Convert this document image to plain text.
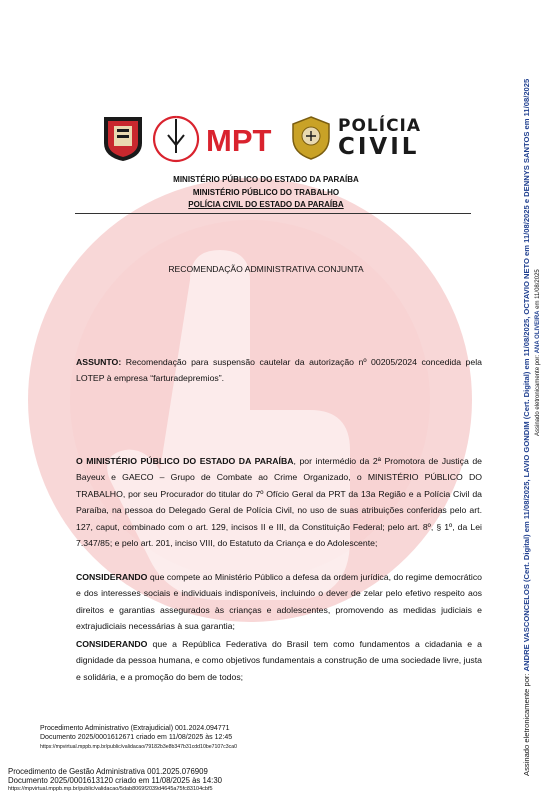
MPT	POLÍCIA
CIVIL
MINISTÉRIO PÚBLICO DO ESTADO DA PARAÍBA
MINISTÉRIO PÚBLICO DO TRABALHO
POLÍCIA CIVIL DO ESTADO DA PARAÍBA
RECOMENDAÇÃO ADMINISTRATIVA CONJUNTA
ASSUNTO: Recomendação para suspensão cautelar da autorização nº 00205/2024 concedida pela LOTEP à empresa “farturadepremios”.
O MINISTÉRIO PÚBLICO DO ESTADO DA PARAÍBA, por intermédio da 2ª Promotora de Justiça de Bayeux e GAECO – Grupo de Combate ao Crime Organizado, o MINISTÉRIO PÚBLICO DO TRABALHO, por seu Procurador do titular do 7º Ofício Geral da PRT da 13a Região e a Polícia Civil da Paraíba, na pessoa do Delegado Geral de Polícia Civil, no uso de suas atribuições conferidas pelo art. 127, caput, combinado com o art. 129, incisos II e III, da Constituição Federal; pelo art. 8º, § 1º, da Lei 7.347/85; e pelo art. 201, inciso VIII, do Estatuto da Criança e do Adolescente;
CONSIDERANDO que compete ao Ministério Público a defesa da ordem jurídica, do regime democrático e dos interesses sociais e individuais indisponíveis, incluindo o dever de zelar pelo efetivo respeito aos direitos e garantias assegurados às crianças e adolescentes, promovendo as medidas judiciais e extrajudiciais necessárias à sua garantia;
CONSIDERANDO que a República Federativa do Brasil tem como fundamentos a cidadania e a dignidade da pessoa humana, e como objetivos fundamentais a construção de uma sociedade livre, justa e solidária, e a promoção do bem de todos;
Procedimento Administrativo (Extrajudicial) 001.2024.094771
Documento 2025/0001612671 criado em 11/08/2025 às 12:45
https://mpvirtual.mppb.mp.br/public/validacao/79182b3e8b347b31cdd10be7107c3ca0
Procedimento de Gestão Administrativa 001.2025.076909
Documento 2025/0001613120 criado em 11/08/2025 às 14:30
https://mpvirtual.mppb.mp.br/public/validacao/5dab8069f2039d4645a75fc83104cbf5
Assinado eletronicamente por: ANDRE VASCONCELOS (Cert. Digital) em 11/08/2025, LAVIO GONDIM (Cert. Digital) em 11/08/2025, OCTAVIO NETO em 11/08/2025 e DENNYS SANTOS em 11/08/2025 Assinado eletronicamente por: ANA OLIVEIRA em 11/08/2025
